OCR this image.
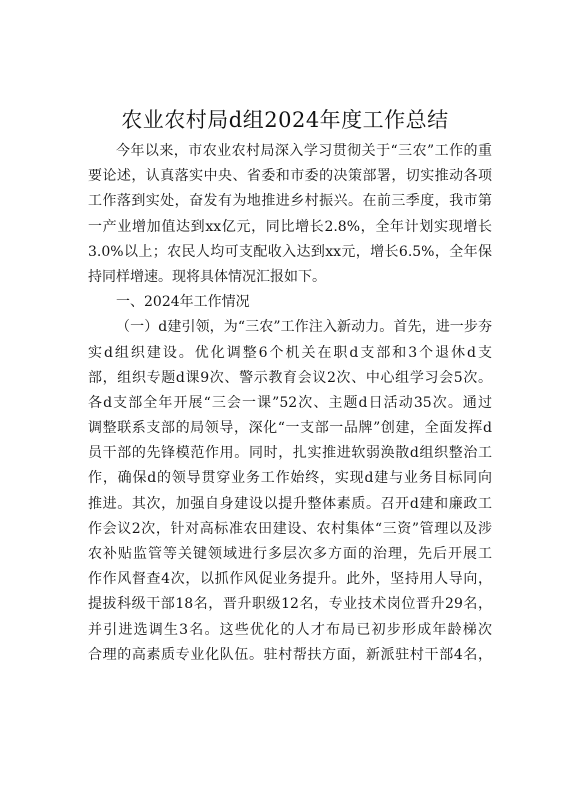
农业农村局d组2024年度工作总结
今年以来，市农业农村局深入学习贯彻关于“三农”工作的重
要论述，认真落实中央、省委和市委的决策部署，切实推动各项
工作落到实处，奋发有为地推进乡村振兴。在前三季度，我市第
一产业增加值达到xx亿元，同比增长2.8%，全年计划实现增长
3.0%以上；农民人均可支配收入达到xx元，增长6.5%，全年保
持同样增速。现将具体情况汇报如下。
一、2024年工作情况
（一）d建引领，为“三农”工作注入新动力。首先，进一步夯
实d组织建设。优化调整6个机关在职d支部和3个退休d支
部，组织专题d课9次、警示教育会议2次、中心组学习会5次。
各d支部全年开展“三会一课”52次、主题d日活动35次。通过
调整联系支部的局领导，深化“一支部一品牌”创建，全面发挥d
员干部的先锋模范作用。同时，扎实推进软弱涣散d组织整治工
作，确保d的领导贯穿业务工作始终，实现d建与业务目标同向
推进。其次，加强自身建设以提升整体素质。召开d建和廉政工
作会议2次，针对高标准农田建设、农村集体“三资”管理以及涉
农补贴监管等关键领域进行多层次多方面的治理，先后开展工
作作风督查4次，以抓作风促业务提升。此外，坚持用人导向，
提拔科级干部18名，晋升职级12名，专业技术岗位晋升29名，
并引进选调生3名。这些优化的人才布局已初步形成年龄梯次
合理的高素质专业化队伍。驻村帮扶方面，新派驻村干部4名，
